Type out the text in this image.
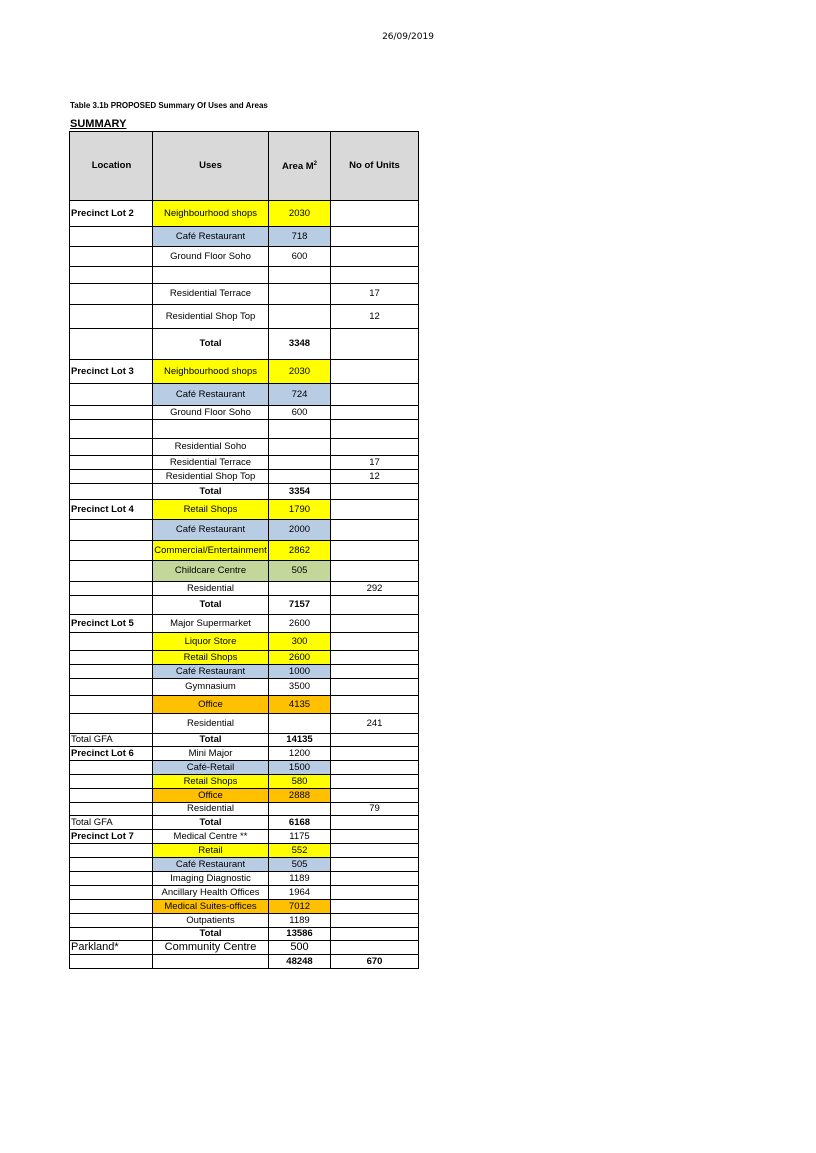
26/09/2019
Table 3.1b PROPOSED Summary Of Uses and Areas
SUMMARY
Location	Uses	Area $M^2$	No of Units
Precinct Lot 2	Neighbourhood shops	2030	
	Café Restaurant	718	
	Ground Floor Soho	600	

	Residential Terrace		17
	Residential Shop Top		12
	Total	3348	
Precinct Lot 3	Neighbourhood shops	2030	
	Café Restaurant	724	
	Ground Floor Soho	600	

	Residential Soho		
	Residential Terrace		17
	Residential Shop Top		12
	Total	3354	
Precinct Lot 4	Retail Shops	1790	
	Café Restaurant	2000	
	Commercial/Entertainment	2862	
	Childcare Centre	505	
	Residential		292
	Total	7157	
Precinct Lot 5	Major Supermarket	2600	
	Liquor Store	300	
	Retail Shops	2600	
	Café Restaurant	1000	
	Gymnasium	3500	
	Office	4135	
	Residential		241
Total GFA	Total	14135	
Precinct Lot 6	Mini Major	1200	
	Café-Retail	1500	
	Retail Shops	580	
	Office	2888	
	Residential		79
Total GFA	Total	6168	
Precinct Lot 7	Medical Centre **	1175	
	Retail	552	
	Café Restaurant	505	
	Imaging Diagnostic	1189	
	Ancillary Health Offices	1964	
	Medical Suites-offices	7012	
	Outpatients	1189	
	Total	13586	
Parkland*	Community Centre	500	
		48248	670
